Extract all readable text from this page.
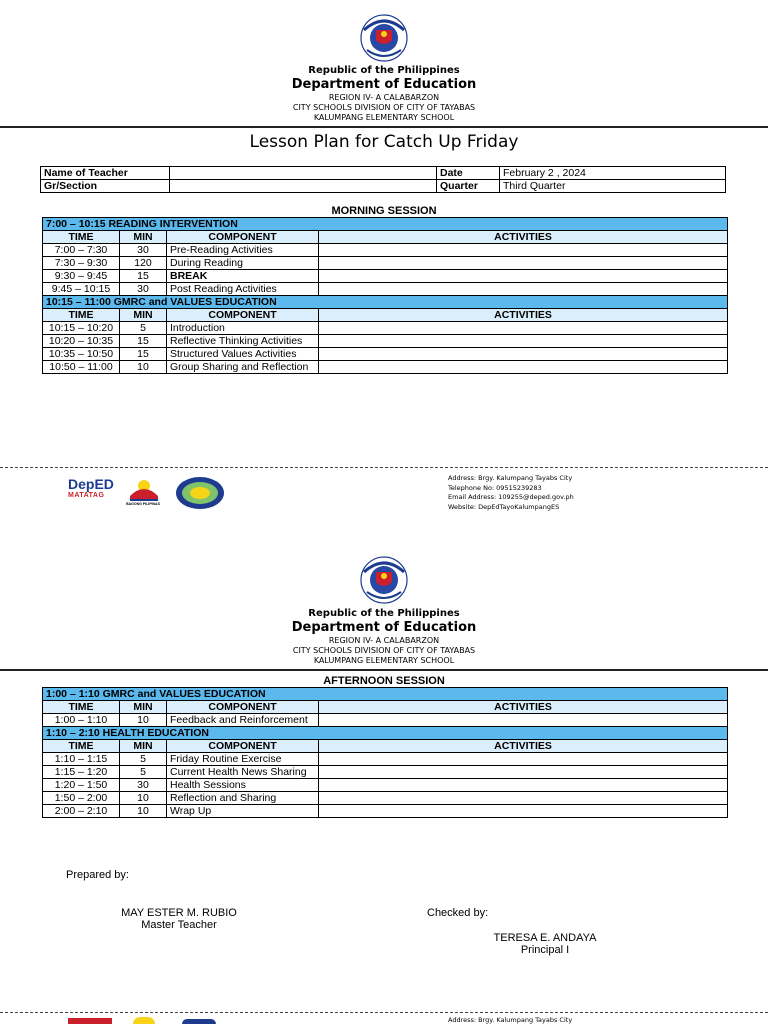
Republic of the Philippines
Department of Education
REGION IV- A CALABARZON
CITY SCHOOLS DIVISION OF CITY OF TAYABAS
KALUMPANG ELEMENTARY SCHOOL
Lesson Plan for Catch Up Friday
Name of Teacher		Date	February 2 , 2024
Gr/Section		Quarter	Third Quarter
MORNING SESSION
7:00 – 10:15 READING INTERVENTION			
TIME	MIN	COMPONENT	ACTIVITIES
7:00 – 7:30	30	Pre-Reading Activities	
7:30 – 9:30	120	During Reading	
9:30 – 9:45	15	BREAK	
9:45 – 10:15	30	Post Reading Activities	
10:15 – 11:00 GMRC and VALUES EDUCATION			
TIME	MIN	COMPONENT	ACTIVITIES
10:15 – 10:20	5	Introduction	
10:20 – 10:35	15	Reflective Thinking Activities	
10:35 – 10:50	15	Structured Values Activities	
10:50 – 11:00	10	Group Sharing and Reflection	
DepED
MATATAG
BAGONG PILIPINAS
Address: Brgy. Kalumpang Tayabs City
Telephone No: 09515239283
Email Address: 109255@deped.gov.ph
Website: DepEdTayoKalumpangES
Republic of the Philippines
Department of Education
REGION IV- A CALABARZON
CITY SCHOOLS DIVISION OF CITY OF TAYABAS
KALUMPANG ELEMENTARY SCHOOL
AFTERNOON SESSION
1:00 – 1:10 GMRC and VALUES EDUCATION			
TIME	MIN	COMPONENT	ACTIVITIES
1:00 – 1:10	10	Feedback and Reinforcement	
1:10 – 2:10 HEALTH EDUCATION			
TIME	MIN	COMPONENT	ACTIVITIES
1:10 – 1:15	5	Friday Routine Exercise	
1:15 – 1:20	5	Current Health News Sharing	
1:20 – 1:50	30	Health Sessions	
1:50 – 2:00	10	Reflection and Sharing	
2:00 – 2:10	10	Wrap Up	
Prepared by:
MAY ESTER M. RUBIO
Master Teacher
Checked by:
TERESA E. ANDAYA
Principal I
Address: Brgy. Kalumpang Tayabs City
